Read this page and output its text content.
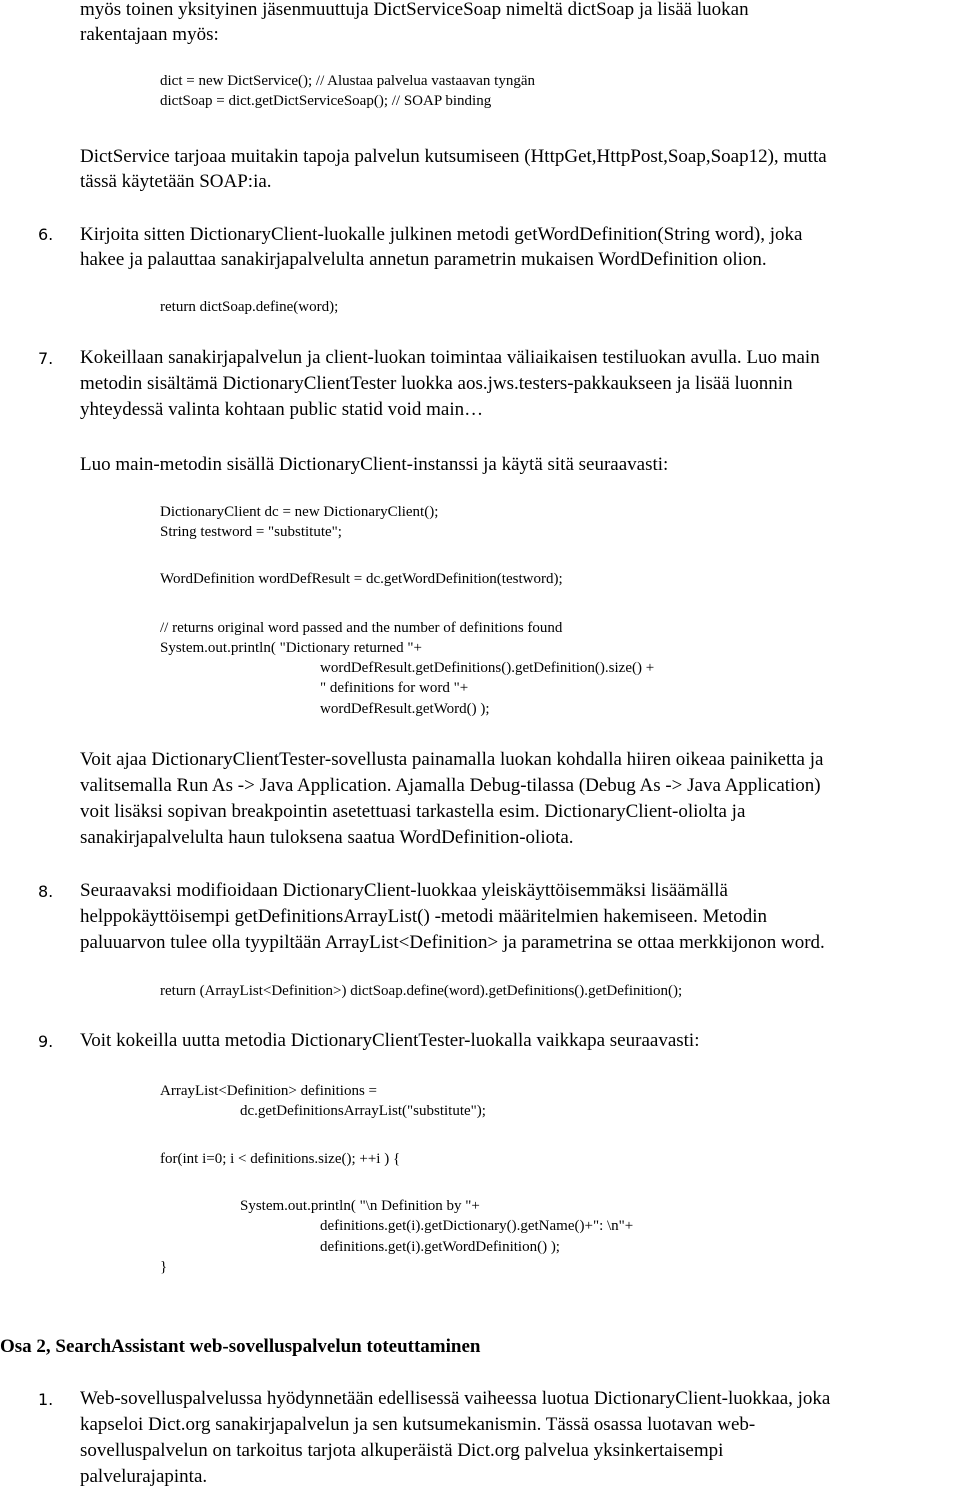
myös toinen yksityinen jäsenmuuttuja DictServiceSoap nimeltä dictSoap ja lisää luokan
rakentajaan myös:
dict = new DictService(); // Alustaa palvelua vastaavan tyngän
dictSoap = dict.getDictServiceSoap(); // SOAP binding
DictService tarjoaa muitakin tapoja palvelun kutsumiseen (HttpGet,HttpPost,Soap,Soap12), mutta
tässä käytetään SOAP:ia.
6. Kirjoita sitten DictionaryClient-luokalle julkinen metodi getWordDefinition(String word), joka
hakee ja palauttaa sanakirjapalvelulta annetun parametrin mukaisen WordDefinition olion.
return dictSoap.define(word);
7. Kokeillaan sanakirjapalvelun ja client-luokan toimintaa väliaikaisen testiluokan avulla. Luo main
metodin sisältämä DictionaryClientTester luokka aos.jws.testers-pakkaukseen ja lisää luonnin
yhteydessä valinta kohtaan public statid void main…
Luo main-metodin sisällä DictionaryClient-instanssi ja käytä sitä seuraavasti:
DictionaryClient dc = new DictionaryClient();
String testword = "substitute";
WordDefinition wordDefResult = dc.getWordDefinition(testword);
// returns original word passed and the number of definitions found
System.out.println( "Dictionary returned "+
wordDefResult.getDefinitions().getDefinition().size() +
" definitions for word "+
wordDefResult.getWord() );
Voit ajaa DictionaryClientTester-sovellusta painamalla luokan kohdalla hiiren oikeaa painiketta ja
valitsemalla Run As -> Java Application. Ajamalla Debug-tilassa (Debug As -> Java Application)
voit lisäksi sopivan breakpointin asetettuasi tarkastella esim. DictionaryClient-oliolta ja
sanakirjapalvelulta haun tuloksena saatua WordDefinition-oliota.
8. Seuraavaksi modifioidaan DictionaryClient-luokkaa yleiskäyttöisemmäksi lisäämällä
helppokäyttöisempi getDefinitionsArrayList() -metodi määritelmien hakemiseen. Metodin
paluuarvon tulee olla tyypiltään ArrayList<Definition> ja parametrina se ottaa merkkijonon word.
return (ArrayList<Definition>) dictSoap.define(word).getDefinitions().getDefinition();
9. Voit kokeilla uutta metodia DictionaryClientTester-luokalla vaikkapa seuraavasti:
ArrayList<Definition> definitions =
dc.getDefinitionsArrayList("substitute");
for(int i=0; i < definitions.size(); ++i ) {
System.out.println( "\n Definition by "+
definitions.get(i).getDictionary().getName()+": \n"+
definitions.get(i).getWordDefinition() );
}
Osa 2, SearchAssistant web-sovelluspalvelun toteuttaminen
1. Web-sovelluspalvelussa hyödynnetään edellisessä vaiheessa luotua DictionaryClient-luokkaa, joka
kapseloi Dict.org sanakirjapalvelun ja sen kutsumekanismin. Tässä osassa luotavan web-
sovelluspalvelun on tarkoitus tarjota alkuperäistä Dict.org palvelua yksinkertaisempi
palvelurajapinta.
